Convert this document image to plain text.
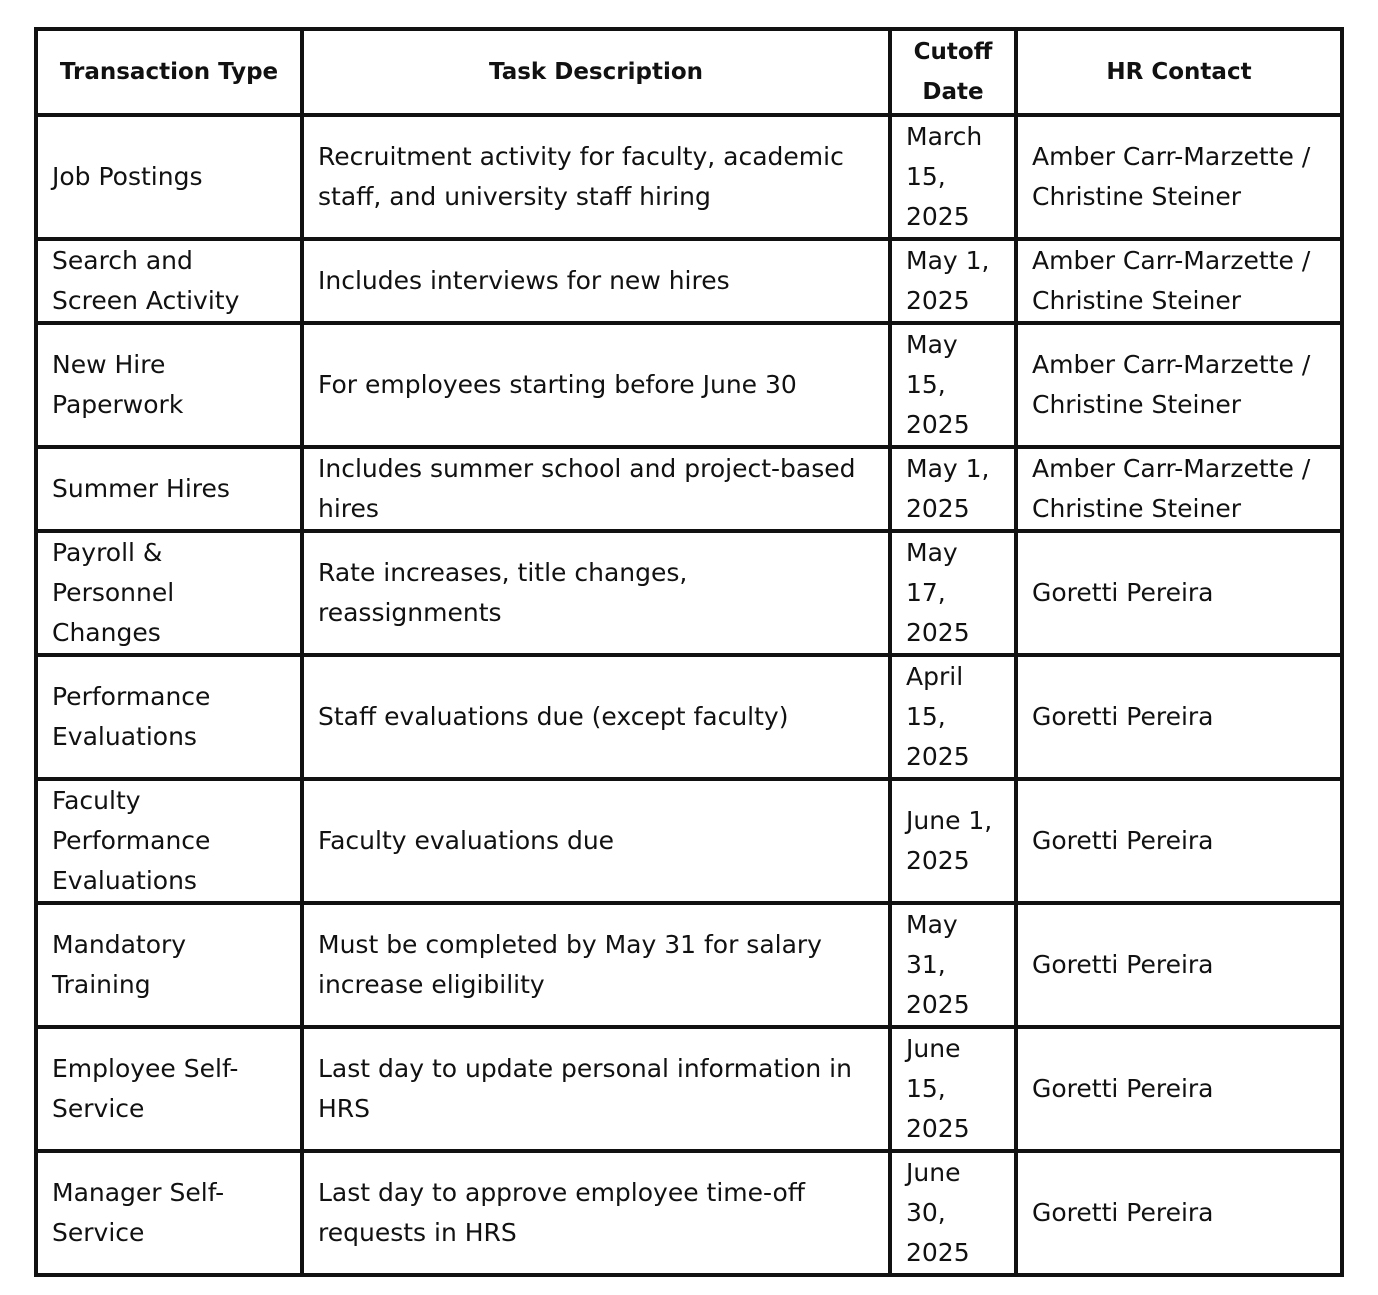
Transaction Type	Task Description	Cutoff Date	HR Contact
Job Postings	Recruitment activity for faculty, academic staff, and university staff hiring	March 15, 2025	Amber Carr-Marzette / Christine Steiner
Search and Screen Activity	Includes interviews for new hires	May 1, 2025	Amber Carr-Marzette / Christine Steiner
New Hire Paperwork	For employees starting before June 30	May 15, 2025	Amber Carr-Marzette / Christine Steiner
Summer Hires	Includes summer school and project-based hires	May 1, 2025	Amber Carr-Marzette / Christine Steiner
Payroll & Personnel Changes	Rate increases, title changes, reassignments	May 17, 2025	Goretti Pereira
Performance Evaluations	Staff evaluations due (except faculty)	April 15, 2025	Goretti Pereira
Faculty Performance Evaluations	Faculty evaluations due	June 1, 2025	Goretti Pereira
Mandatory Training	Must be completed by May 31 for salary increase eligibility	May 31, 2025	Goretti Pereira
Employee Self-Service	Last day to update personal information in HRS	June 15, 2025	Goretti Pereira
Manager Self-Service	Last day to approve employee time-off requests in HRS	June 30, 2025	Goretti Pereira
